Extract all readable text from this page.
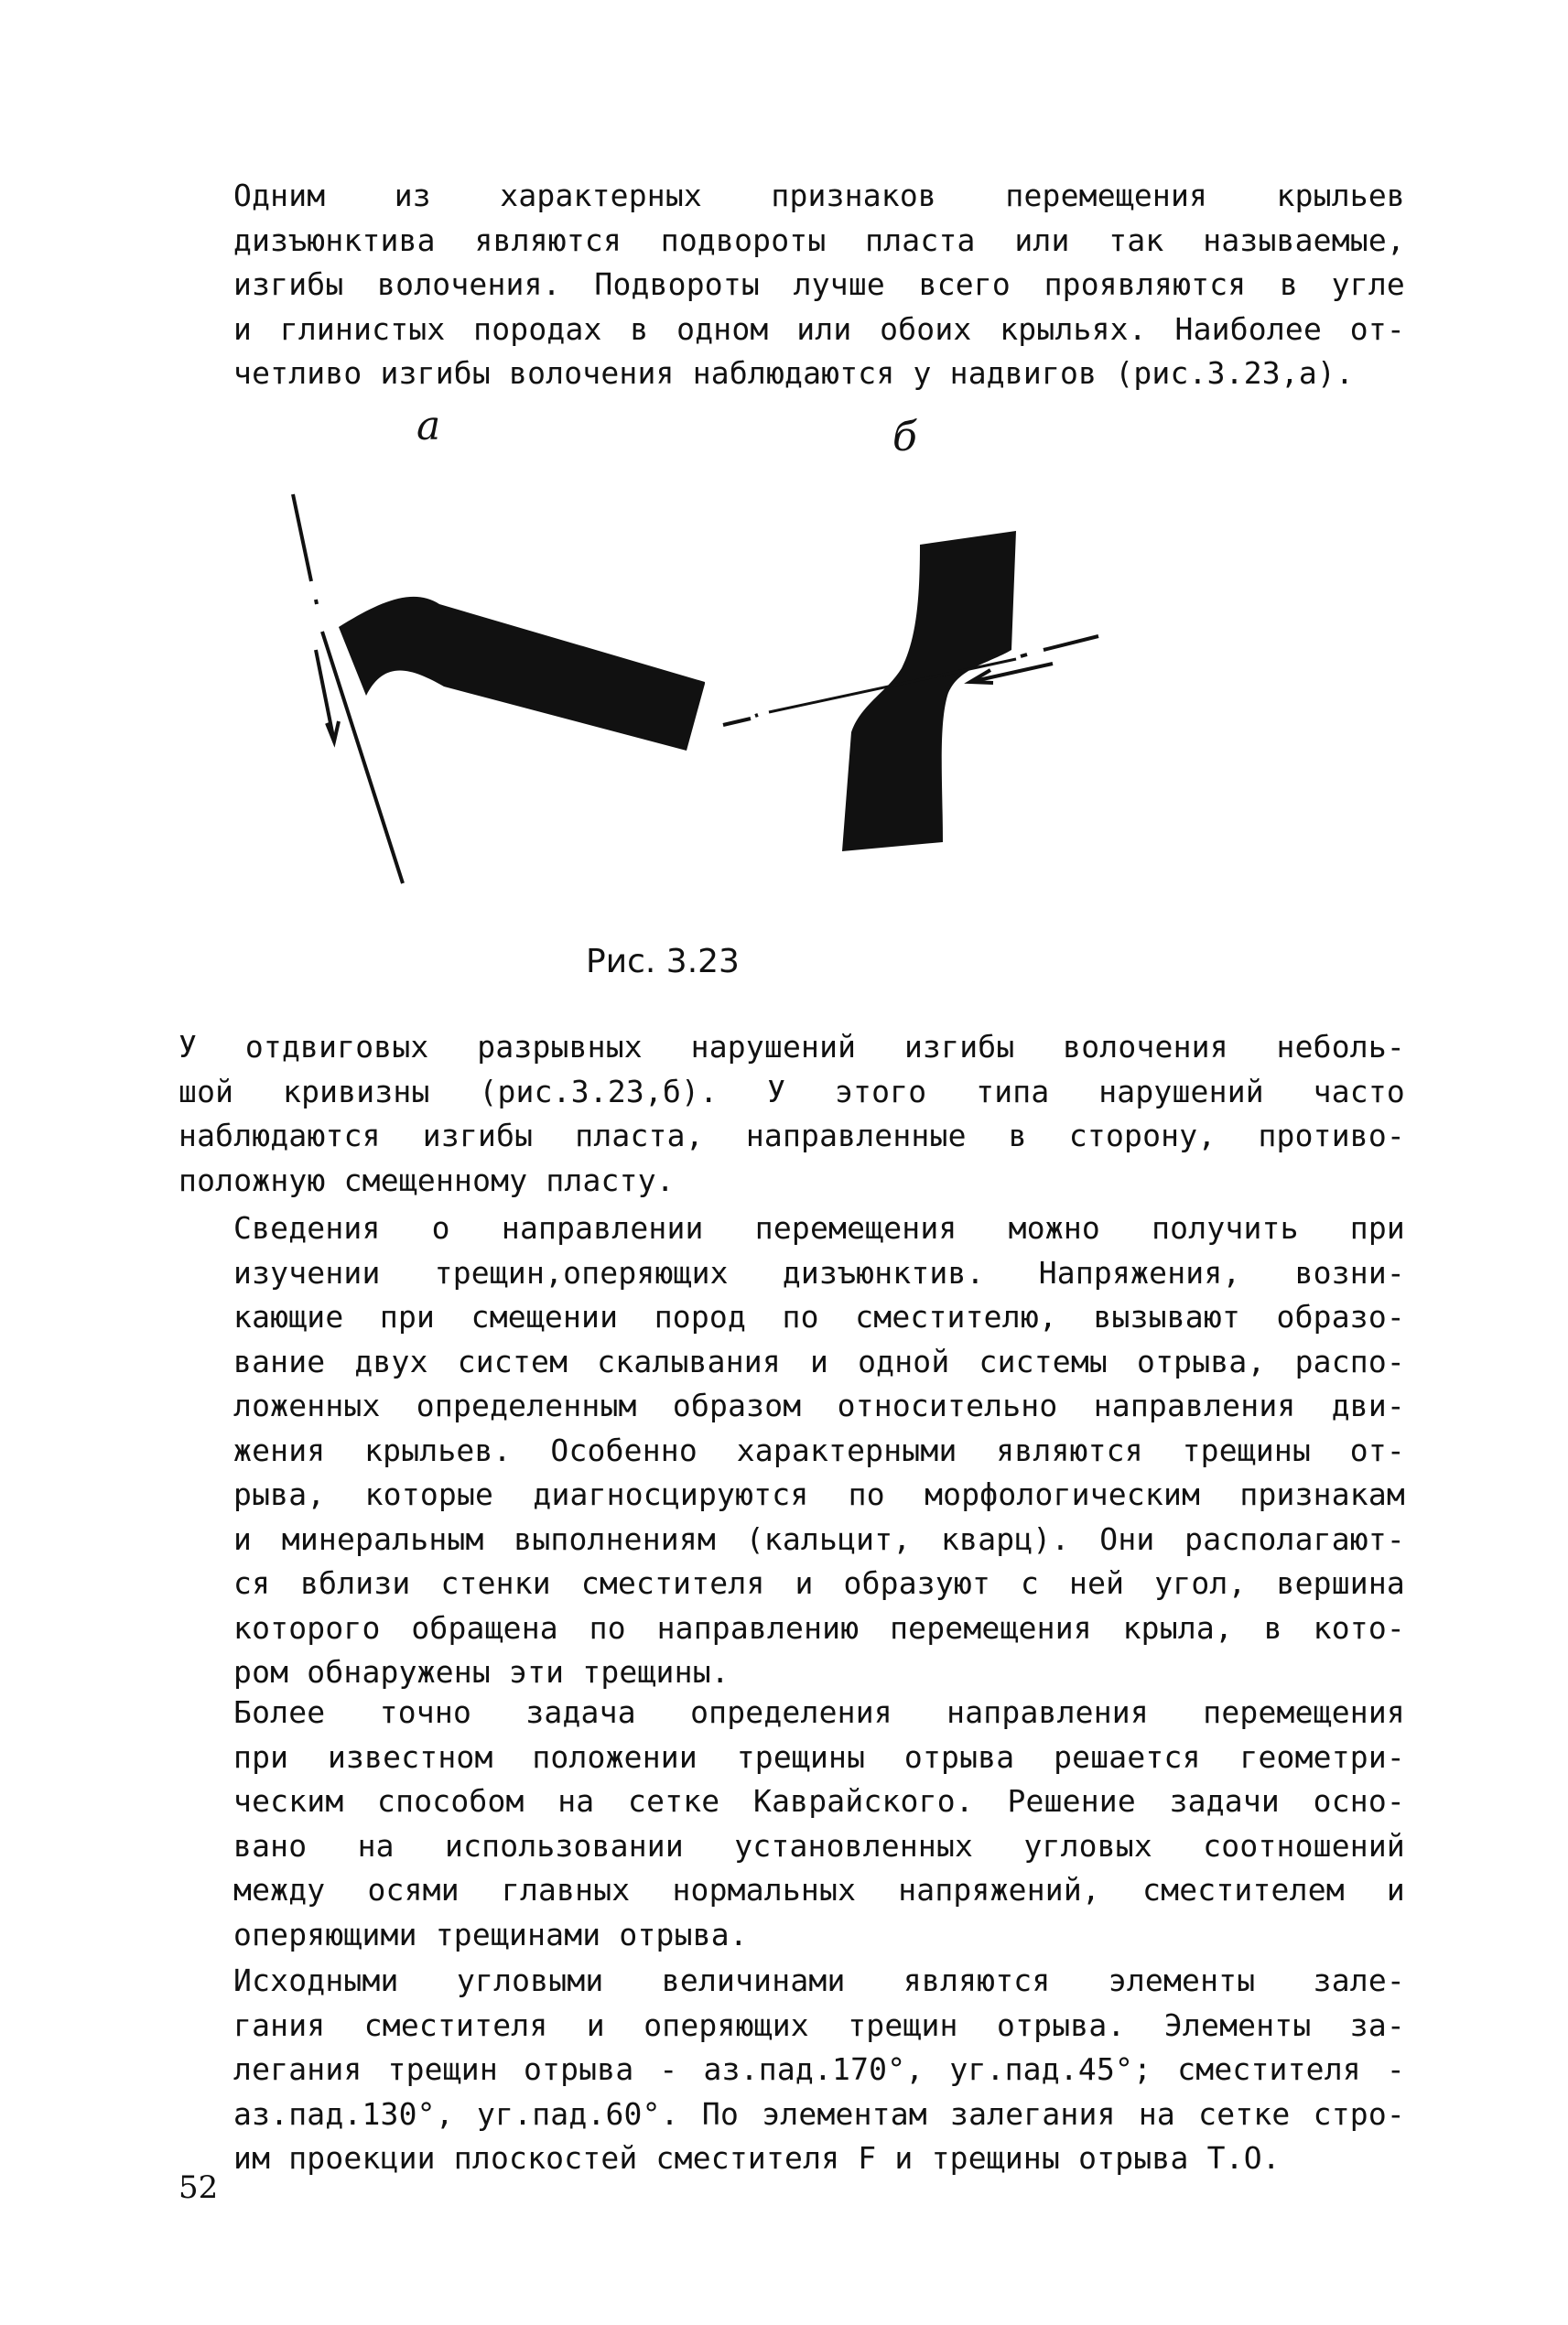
Одним из характерных признаков перемещения крыльев
дизъюнктива являются подвороты пласта или так называемые,
изгибы волочения. Подвороты лучше всего проявляются в угле
и глинистых породах в одном или обоих крыльях. Наиболее от-
четливо изгибы волочения наблюдаются у надвигов (рис.3.23,а).
а	б
Рис. 3.23
У отдвиговых разрывных нарушений изгибы волочения неболь-
шой кривизны (рис.3.23,б). У этого типа нарушений часто
наблюдаются изгибы пласта, направленные в сторону, противо-
положную смещенному пласту.
Сведения о направлении перемещения можно получить при
изучении трещин,оперяющих дизъюнктив. Напряжения, возни-
кающие при смещении пород по сместителю, вызывают образо-
вание двух систем скалывания и одной системы отрыва, распо-
ложенных определенным образом относительно направления дви-
жения крыльев. Особенно характерными являются трещины от-
рыва, которые диагносцируются по морфологическим признакам
и минеральным выполнениям (кальцит, кварц). Они располагают-
ся вблизи стенки сместителя и образуют с ней угол, вершина
которого обращена по направлению перемещения крыла, в кото-
ром обнаружены эти трещины.
Более точно задача определения направления перемещения
при известном положении трещины отрыва решается геометри-
ческим способом на сетке Каврайского. Решение задачи осно-
вано на использовании установленных угловых соотношений
между осями главных нормальных напряжений, сместителем и
оперяющими трещинами отрыва.
Исходными угловыми величинами являются элементы зале-
гания сместителя и оперяющих трещин отрыва. Элементы за-
легания трещин отрыва - аз.пад.170°, уг.пад.45°; сместителя -
аз.пад.130°, уг.пад.60°. По элементам залегания на сетке стро-
им проекции плоскостей сместителя F и трещины отрыва Т.О.
52
